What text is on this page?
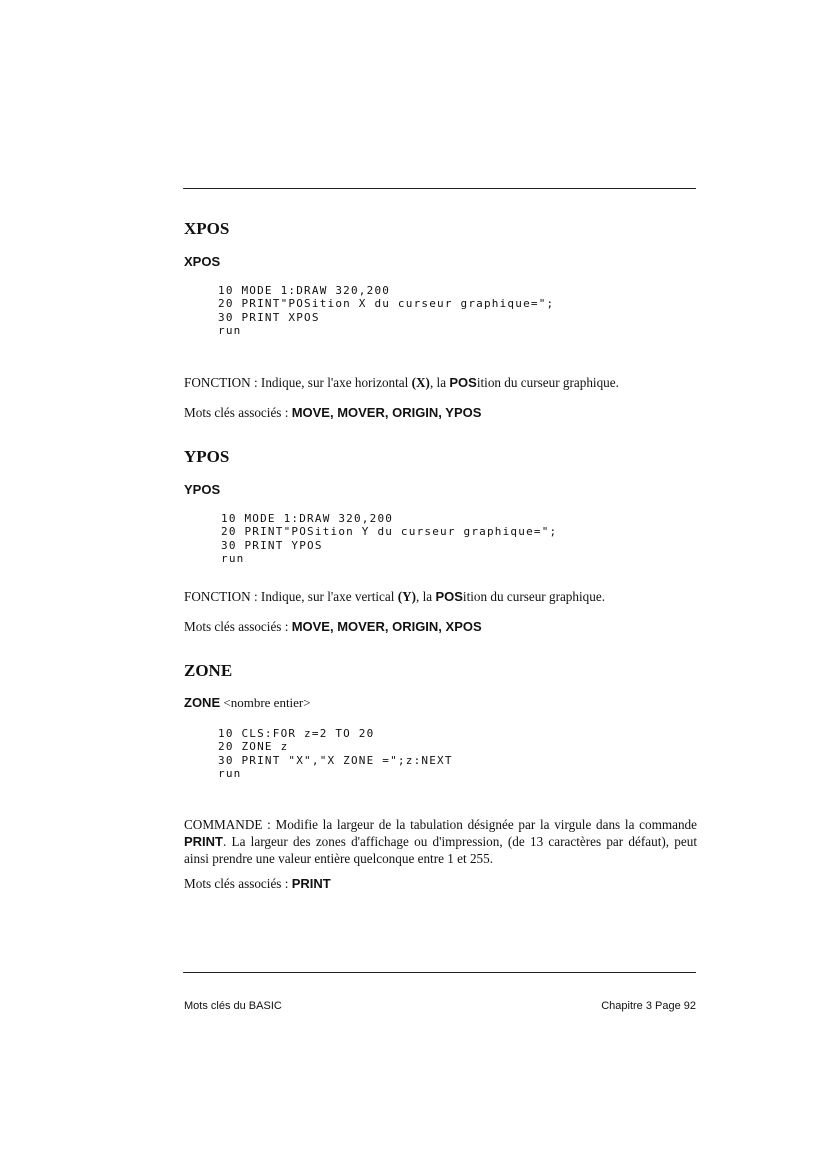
XPOS
XPOS
10 MODE 1:DRAW 320,200
20 PRINT"POSition X du curseur graphique=";
30 PRINT XPOS
run

FONCTION : Indique, sur l'axe horizontal (X), la POSition du curseur graphique.

Mots clés associés : MOVE, MOVER, ORIGIN, YPOS

YPOS
YPOS
10 MODE 1:DRAW 320,200
20 PRINT"POSition Y du curseur graphique=";
30 PRINT YPOS
run

FONCTION : Indique, sur l'axe vertical (Y), la POSition du curseur graphique.

Mots clés associés : MOVE, MOVER, ORIGIN, XPOS

ZONE
ZONE <nombre entier>
10 CLS:FOR z=2 TO 20
20 ZONE z
30 PRINT "X","X ZONE =";z:NEXT
run

COMMANDE : Modifie la largeur de la tabulation désignée par la virgule dans la commande PRINT. La largeur des zones d'affichage ou d'impression, (de 13 caractères par défaut), peut ainsi prendre une valeur entière quelconque entre 1 et 255.

Mots clés associés : PRINT

Mots clés du BASIC	Chapitre 3 Page 92
